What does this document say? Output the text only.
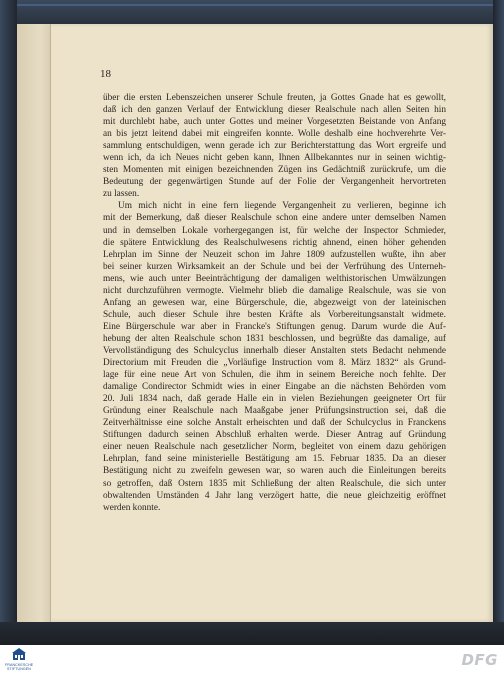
18
über die ersten Lebenszeichen unserer Schule freuten, ja Gottes Gnade hat es gewollt,
daß ich den ganzen Verlauf der Entwicklung dieser Realschule nach allen Seiten hin
mit durchlebt habe, auch unter Gottes und meiner Vorgesetzten Beistande von Anfang
an bis jetzt leitend dabei mit eingreifen konnte. Wolle deshalb eine hochverehrte Ver-
sammlung entschuldigen, wenn gerade ich zur Berichterstattung das Wort ergreife und
wenn ich, da ich Neues nicht geben kann, Ihnen Allbekanntes nur in seinen wichtig-
sten Momenten mit einigen bezeichnenden Zügen ins Gedächtniß zurückrufe, um die
Bedeutung der gegenwärtigen Stunde auf der Folie der Vergangenheit hervortreten
zu lassen.
Um mich nicht in eine fern liegende Vergangenheit zu verlieren, beginne ich
mit der Bemerkung, daß dieser Realschule schon eine andere unter demselben Namen
und in demselben Lokale vorhergegangen ist, für welche der Inspector Schmieder,
die spätere Entwicklung des Realschulwesens richtig ahnend, einen höher gehenden
Lehrplan im Sinne der Neuzeit schon im Jahre 1809 aufzustellen wußte, ihn aber
bei seiner kurzen Wirksamkeit an der Schule und bei der Verfrühung des Unterneh-
mens, wie auch unter Beeinträchtigung der damaligen welthistorischen Umwälzungen
nicht durchzuführen vermogte. Vielmehr blieb die damalige Realschule, was sie von
Anfang an gewesen war, eine Bürgerschule, die, abgezweigt von der lateinischen
Schule, auch dieser Schule ihre besten Kräfte als Vorbereitungsanstalt widmete.
Eine Bürgerschule war aber in Francke's Stiftungen genug. Darum wurde die Auf-
hebung der alten Realschule schon 1831 beschlossen, und begrüßte das damalige, auf
Vervollständigung des Schulcyclus innerhalb dieser Anstalten stets Bedacht nehmende
Directorium mit Freuden die „Vorläufige Instruction vom 8. März 1832“ als Grund-
lage für eine neue Art von Schulen, die ihm in seinem Bereiche noch fehlte. Der
damalige Condirector Schmidt wies in einer Eingabe an die nächsten Behörden vom
20. Juli 1834 nach, daß gerade Halle ein in vielen Beziehungen geeigneter Ort für
Gründung einer Realschule nach Maaßgabe jener Prüfungsinstruction sei, daß die
Zeitverhältnisse eine solche Anstalt erheischten und daß der Schulcyclus in Franckens
Stiftungen dadurch seinen Abschluß erhalten werde. Dieser Antrag auf Gründung
einer neuen Realschule nach gesetzlicher Norm, begleitet von einem dazu gehörigen
Lehrplan, fand seine ministerielle Bestätigung am 15. Februar 1835. Da an dieser
Bestätigung nicht zu zweifeln gewesen war, so waren auch die Einleitungen bereits
so getroffen, daß Ostern 1835 mit Schließung der alten Realschule, die sich unter
obwaltenden Umständen 4 Jahr lang verzögert hatte, die neue gleichzeitig eröffnet
werden konnte.
FRANCKESCHE
STIFTUNGEN	DFG
